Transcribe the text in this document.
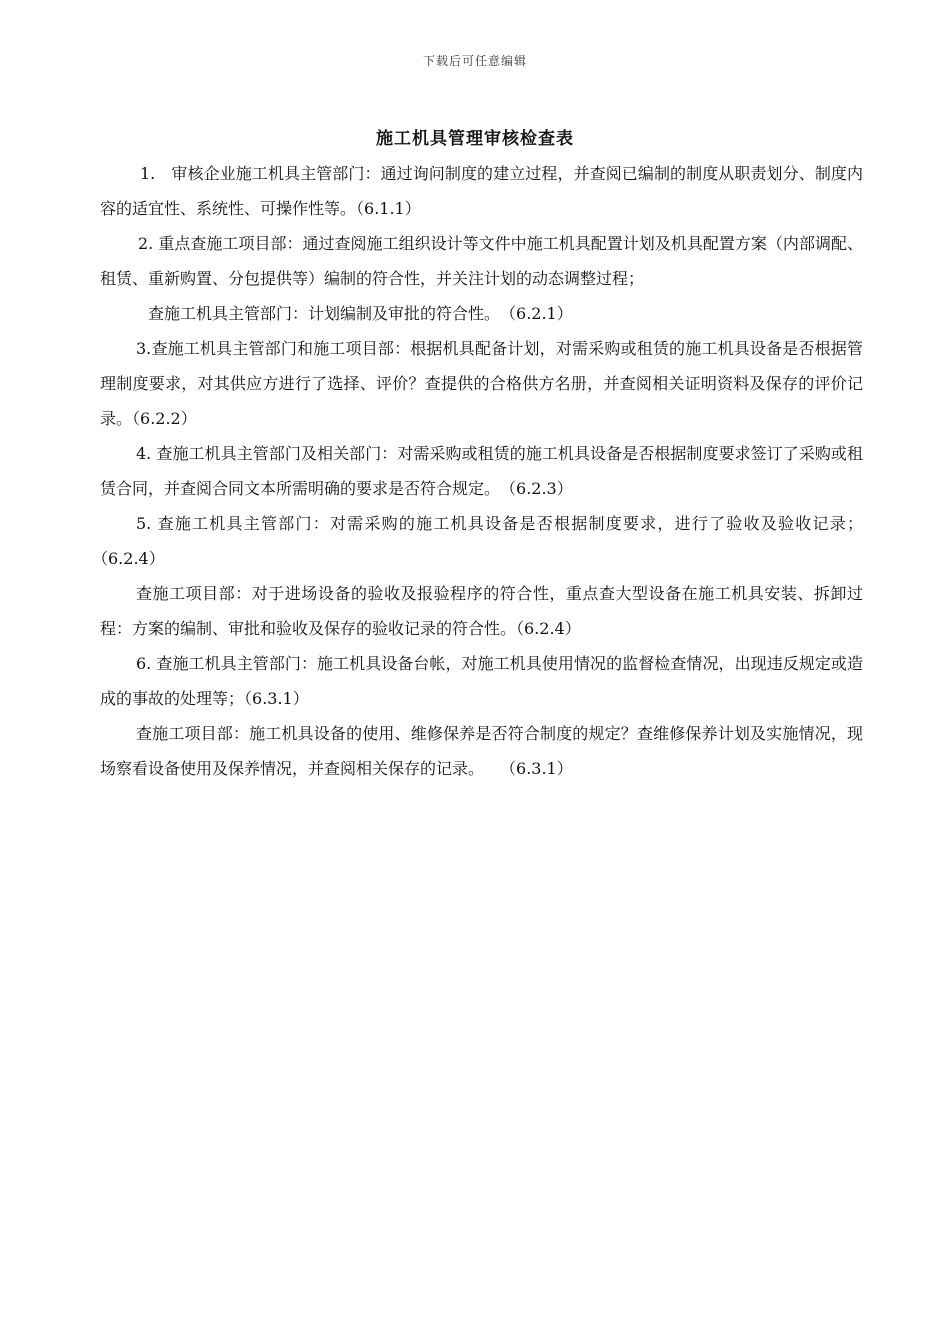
下载后可任意编辑
施工机具管理审核检查表

1.　审核企业施工机具主管部门：通过询问制度的建立过程，并查阅已编制的制度从职责划分、制度内容的适宜性、系统性、可操作性等。（6.1.1）

2. 重点查施工项目部：通过查阅施工组织设计等文件中施工机具配置计划及机具配置方案（内部调配、租赁、重新购置、分包提供等）编制的符合性，并关注计划的动态调整过程；

查施工机具主管部门：计划编制及审批的符合性。　（6.2.1）

3.查施工机具主管部门和施工项目部：根据机具配备计划，对需采购或租赁的施工机具设备是否根据管理制度要求，对其供应方进行了选择、评价？查提供的合格供方名册，并查阅相关证明资料及保存的评价记录。（6.2.2）

4. 查施工机具主管部门及相关部门：对需采购或租赁的施工机具设备是否根据制度要求签订了采购或租赁合同，并查阅合同文本所需明确的要求是否符合规定。　（6.2.3）

5. 查施工机具主管部门：对需采购的施工机具设备是否根据制度要求，进行了验收及验收记录；（6.2.4）

查施工项目部：对于进场设备的验收及报验程序的符合性，重点查大型设备在施工机具安装、拆卸过程：方案的编制、审批和验收及保存的验收记录的符合性。（6.2.4）

6. 查施工机具主管部门：施工机具设备台帐，对施工机具使用情况的监督检查情况，出现违反规定或造成的事故的处理等；（6.3.1）

查施工项目部：施工机具设备的使用、维修保养是否符合制度的规定？查维修保养计划及实施情况，现场察看设备使用及保养情况，并查阅相关保存的记录。　　（6.3.1）
